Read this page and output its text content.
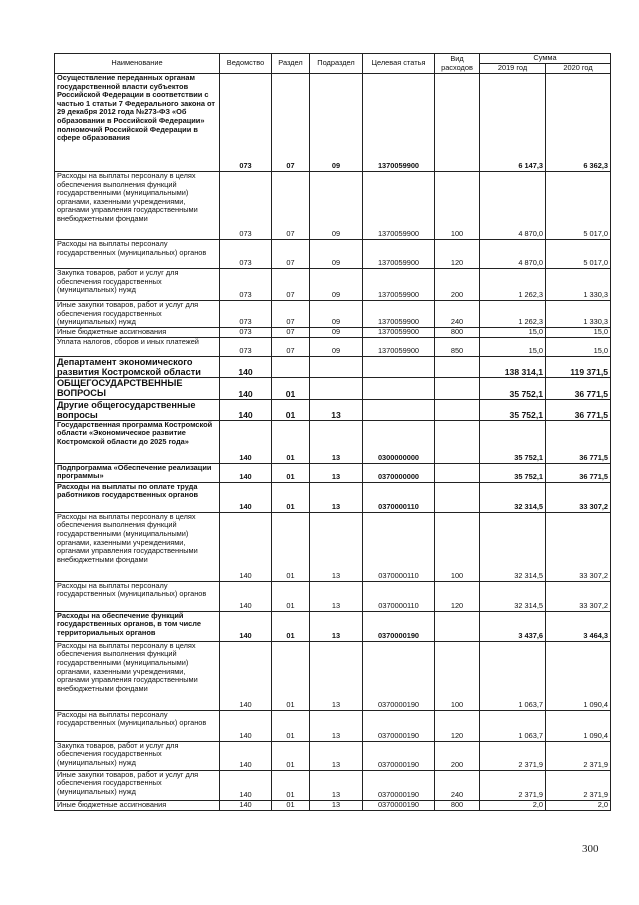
Наименование	Ведомство	Раздел	Подраздел	Целевая статья	Вид расходов	Сумма	
						2019 год	2020 год
Осуществление переданных органам государственной власти субъектов Российской Федерации в соответствии с частью 1 статьи 7 Федерального закона от 29 декабря 2012 года №273-ФЗ «Об образовании в Российской Федерации» полномочий Российской Федерации в сфере образования	073	07	09	1370059900		6 147,3	6 362,3
Расходы на выплаты персоналу в целях обеспечения выполнения функций государственными (муниципальными) органами, казенными учреждениями, органами управления государственными внебюджетными фондами	073	07	09	1370059900	100	4 870,0	5 017,0
Расходы на выплаты персоналу государственных (муниципальных) органов	073	07	09	1370059900	120	4 870,0	5 017,0
Закупка товаров, работ и услуг для обеспечения государственных (муниципальных) нужд	073	07	09	1370059900	200	1 262,3	1 330,3
Иные закупки товаров, работ и услуг для обеспечения государственных (муниципальных) нужд	073	07	09	1370059900	240	1 262,3	1 330,3
Иные бюджетные ассигнования	073	07	09	1370059900	800	15,0	15,0
Уплата налогов, сборов и иных платежей	073	07	09	1370059900	850	15,0	15,0
Департамент экономического развития Костромской области	140					138 314,1	119 371,5
ОБЩЕГОСУДАРСТВЕННЫЕ ВОПРОСЫ	140	01				35 752,1	36 771,5
Другие общегосударственные вопросы	140	01	13			35 752,1	36 771,5
Государственная программа Костромской области «Экономическое развитие Костромской области до 2025 года»	140	01	13	0300000000		35 752,1	36 771,5
Подпрограмма «Обеспечение реализации программы»	140	01	13	0370000000		35 752,1	36 771,5
Расходы на выплаты по оплате труда работников государственных органов	140	01	13	0370000110		32 314,5	33 307,2
Расходы на выплаты персоналу в целях обеспечения выполнения функций государственными (муниципальными) органами, казенными учреждениями, органами управления государственными внебюджетными фондами	140	01	13	0370000110	100	32 314,5	33 307,2
Расходы на выплаты персоналу государственных (муниципальных) органов	140	01	13	0370000110	120	32 314,5	33 307,2
Расходы на обеспечение функций государственных органов, в том числе территориальных органов	140	01	13	0370000190		3 437,6	3 464,3
Расходы на выплаты персоналу в целях обеспечения выполнения функций государственными (муниципальными) органами, казенными учреждениями, органами управления государственными внебюджетными фондами	140	01	13	0370000190	100	1 063,7	1 090,4
Расходы на выплаты персоналу государственных (муниципальных) органов	140	01	13	0370000190	120	1 063,7	1 090,4
Закупка товаров, работ и услуг для обеспечения государственных (муниципальных) нужд	140	01	13	0370000190	200	2 371,9	2 371,9
Иные закупки товаров, работ и услуг для обеспечения государственных (муниципальных) нужд	140	01	13	0370000190	240	2 371,9	2 371,9
Иные бюджетные ассигнования	140	01	13	0370000190	800	2,0	2,0
300
